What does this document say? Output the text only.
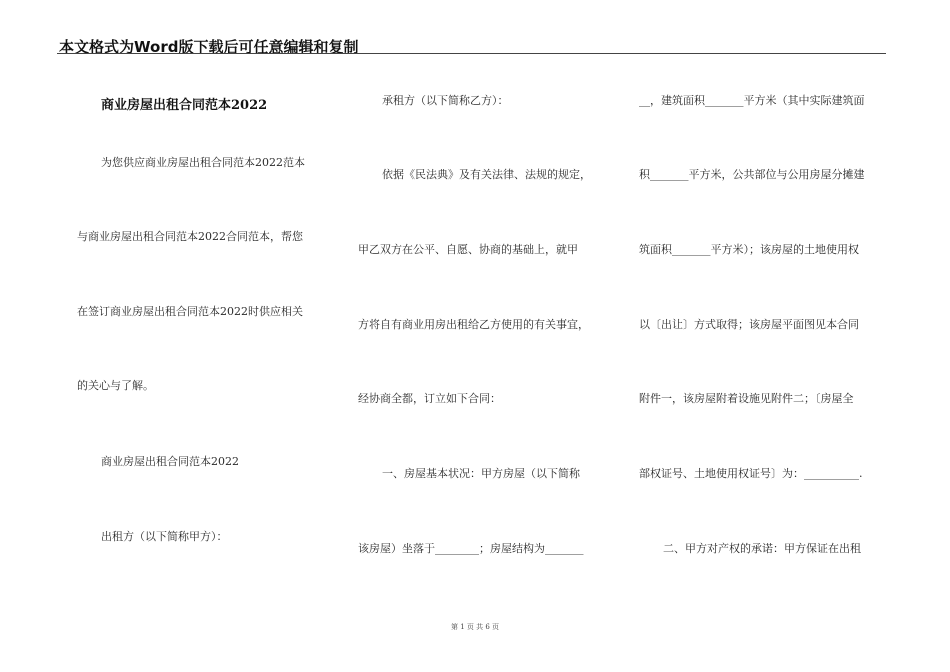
本文格式为Word版下载后可任意编辑和复制
商业房屋出租合同范本2022
为您供应商业房屋出租合同范本2022范本
与商业房屋出租合同范本2022合同范本，帮您
在签订商业房屋出租合同范本2022时供应相关
的关心与了解。
商业房屋出租合同范本2022
出租方（以下简称甲方）：
承租方（以下简称乙方）：
依据《民法典》及有关法律、法规的规定，
甲乙双方在公平、自愿、协商的基础上，就甲
方将自有商业用房出租给乙方使用的有关事宜，
经协商全都，订立如下合同：
一、房屋基本状况：甲方房屋（以下简称
该房屋）坐落于________；房屋结构为_______
__，建筑面积_______平方米（其中实际建筑面
积_______平方米，公共部位与公用房屋分摊建
筑面积_______平方米）；该房屋的土地使用权
以〔出让〕方式取得；该房屋平面图见本合同
附件一，该房屋附着设施见附件二；〔房屋全
部权证号、土地使用权证号〕为：__________.
二、甲方对产权的承诺：甲方保证在出租
第 1 页 共 6 页
